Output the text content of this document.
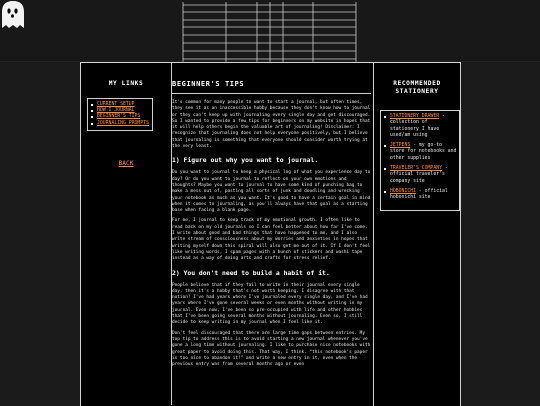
MY LINKS
■ CURRENT SETUP
■ HOW I JOURNAL
■ BEGINNER'S TIPS
■ JOURNALING PROMPTS
BACK
BEGINNER'S TIPS

It's common for many people to want to start a journal, but often times, they see it as an inaccessible hobby because they don't know how to journal or they can't keep up with journaling every single day and get discouraged. So I wanted to provide a few tips for beginners on my website in hopes that it will help others begin the valuable art of journaling! Disclaimer: I recognize that journaling does not help everyone positively, but I believe that journaling is something that everyone should consider worth trying at the very least.

1) Figure out why you want to journal.

Do you want to journal to keep a physical log of what you experience day to day? Or do you want to journal to reflect on your own emotions and thoughts? Maybe you want to journal to have some kind of punching bag to make a mess out of, pasting all sorts of junk and doodling and wrecking your notebook as much as you want. It's good to have a certain goal in mind when it comes to journaling, as you'll always have that goal as a starting base when facing a blank page.

For me, I journal to keep track of my emotional growth. I often like to read back on my old journals so I can feel better about how far I've come. I write about good and bad things that have happened to me, and I also write stream of consciousness about my worries and anxieties in hopes that writing myself down this spiral will also get me out of it. If I don't feel like writing words, I spam pages with a bunch of stickers and washi tape instead as a way of doing arts and crafts for stress relief.

2) You don't need to build a habit of it.

People believe that if they fail to write in their journal every single day, then it's a hobby that's not worth keeping. I disagree with that notion! I've had years where I've journaled every single day, and I've had years where I've gone several weeks or even months without writing in my journal. Even now, I've been so pre-occupied with life and other hobbies that I've been going several months without journaling. Even so, I still decide to keep writing in my journal when I feel like it.

Don't feel discouraged that there are large time gaps between entries. My top tip to address this is to avoid starting a new journal whenever you've gone a long time without journaling. I like to purchase nice notebooks with great paper to avoid doing this. That way, I think, "this notebook's paper is too nice to abandon it!" and write a new entry in it, even when the previous entry was from several months ago or even

RECOMMENDED STATIONERY
■ STATIONERY DRAWER - collection of stationery I have used/am using
■ JETPENS - my go-to store for notebooks and other supplies
■ TRAVELER'S COMPANY - official traveler's company site
■ HOBONICHI - official hobonichi site
